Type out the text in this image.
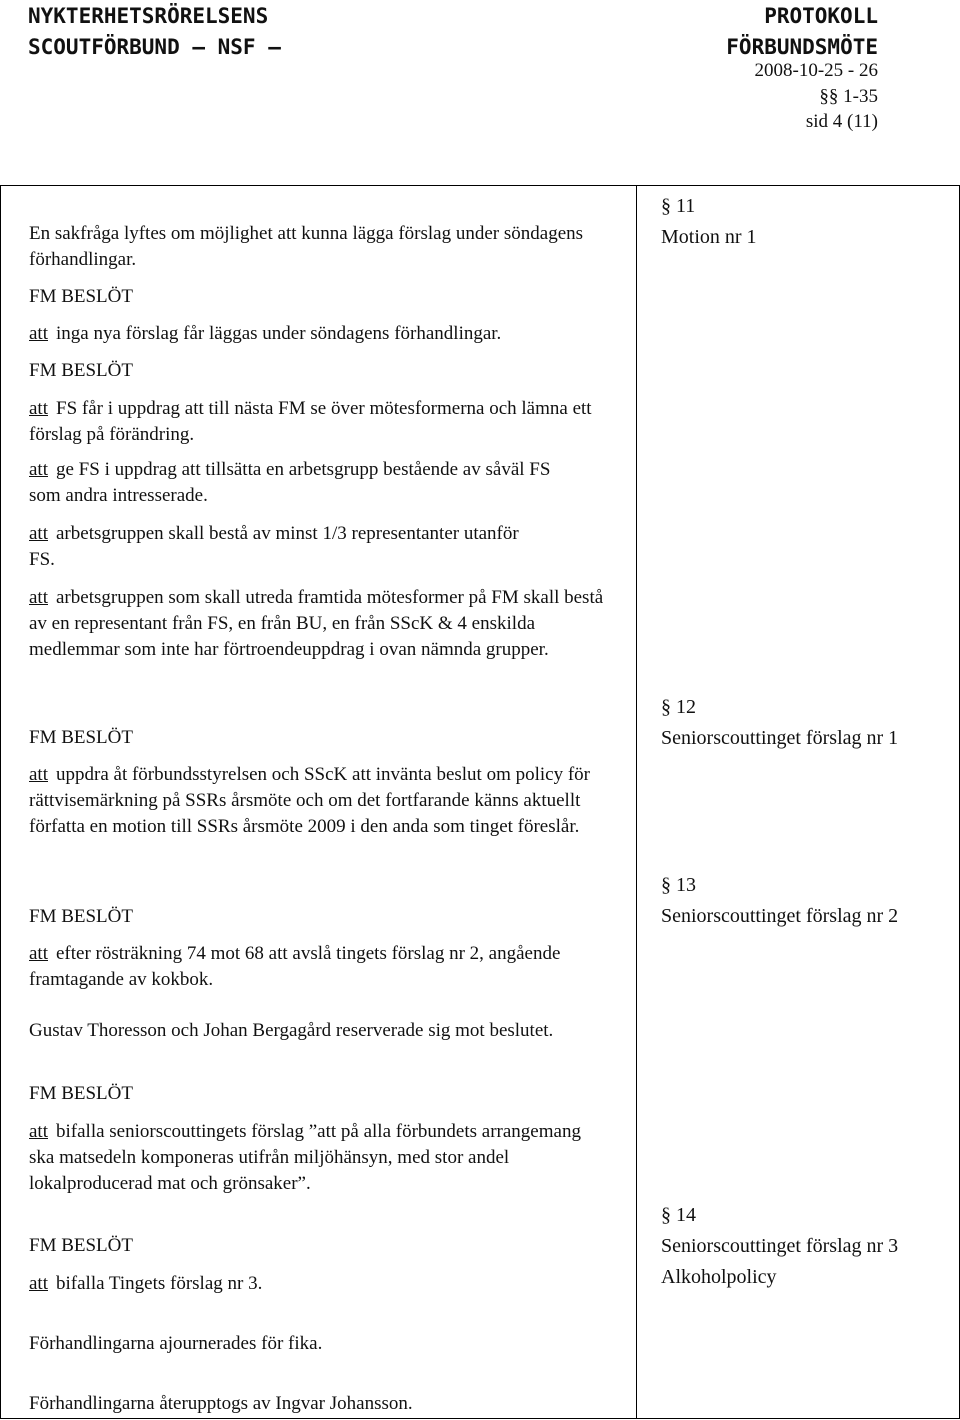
NYKTERHETSRÖRELSENS
SCOUTFÖRBUND – NSF –
PROTOKOLL
FÖRBUNDSMÖTE
2008-10-25 - 26
§§ 1-35
sid 4 (11)
§ 11
Motion nr 1
§ 12
Seniorscouttinget förslag nr 1
§ 13
Seniorscouttinget förslag nr 2
§ 14
Seniorscouttinget förslag nr 3
Alkoholpolicy
En sakfråga lyftes om möjlighet att kunna lägga förslag under söndagens förhandlingar.
FM BESLÖT
att inga nya förslag får läggas under söndagens förhandlingar.
FM BESLÖT
att FS får i uppdrag att till nästa FM se över mötesformerna och lämna ett förslag på förändring.
att ge FS i uppdrag att tillsätta en arbetsgrupp bestående av såväl FS som andra intresserade.
att arbetsgruppen skall bestå av minst 1/3 representanter utanför FS.
att arbetsgruppen som skall utreda framtida mötesformer på FM skall bestå av en representant från FS, en från BU, en från SScK & 4 enskilda medlemmar som inte har förtroendeuppdrag i ovan nämnda grupper.
FM BESLÖT
att uppdra åt förbundsstyrelsen och SScK att invänta beslut om policy för rättvisemärkning på SSRs årsmöte och om det fortfarande känns aktuellt författa en motion till SSRs årsmöte 2009 i den anda som tinget föreslår.
FM BESLÖT
att efter rösträkning 74 mot 68 att avslå tingets förslag nr 2, angående framtagande av kokbok.
Gustav Thoresson och Johan Bergagård reserverade sig mot beslutet.
FM BESLÖT
att bifalla seniorscouttingets förslag ”att på alla förbundets arrangemang ska matsedeln komponeras utifrån miljöhänsyn, med stor andel lokalproducerad mat och grönsaker”.
FM BESLÖT
att bifalla Tingets förslag nr 3.
Förhandlingarna ajournerades för fika.
Förhandlingarna återupptogs av Ingvar Johansson.
